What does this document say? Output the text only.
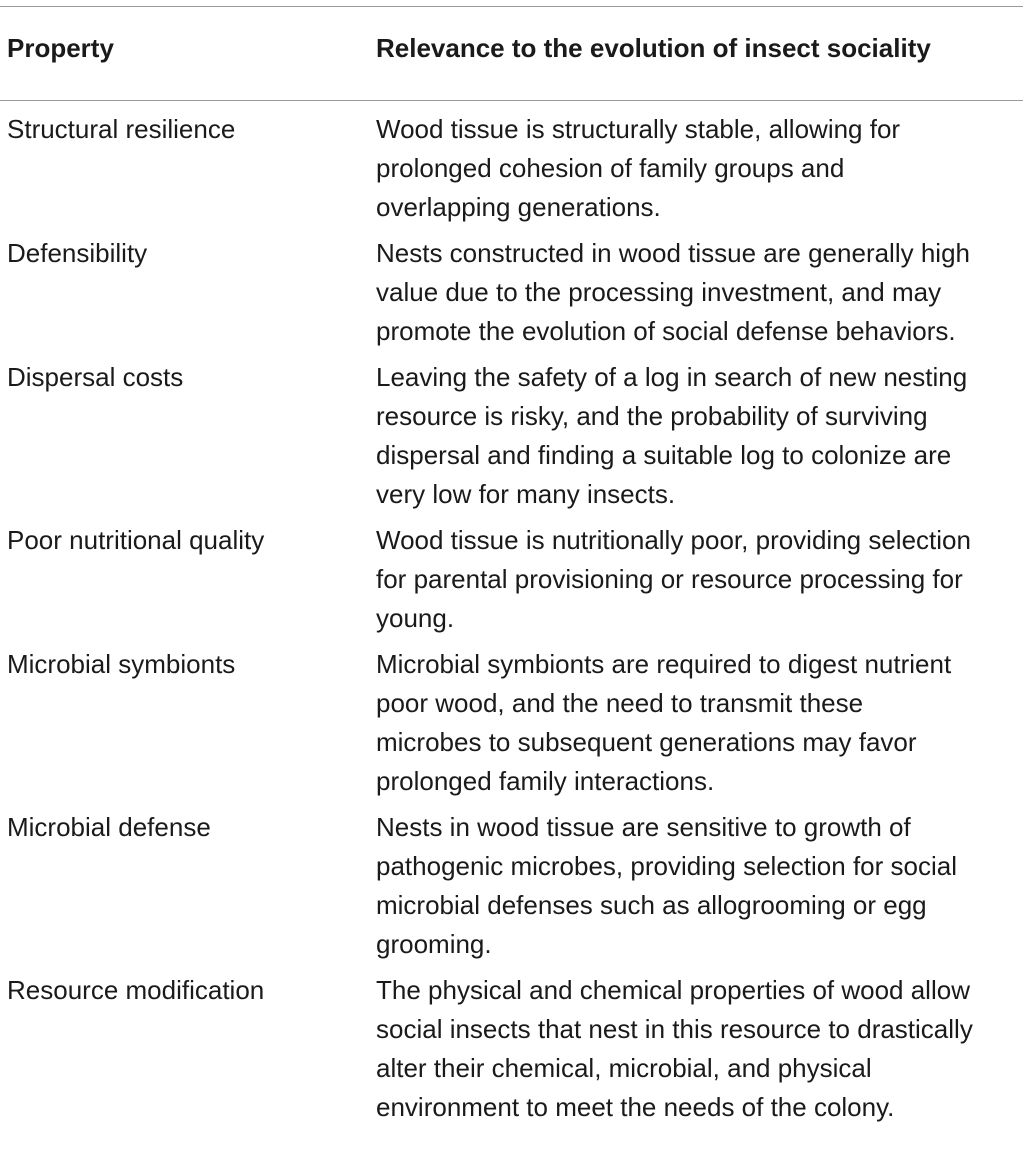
Property	Relevance to the evolution of insect sociality
Structural resilience	Wood tissue is structurally stable, allowing for
prolonged cohesion of family groups and
overlapping generations.
Defensibility	Nests constructed in wood tissue are generally high
value due to the processing investment, and may
promote the evolution of social defense behaviors.
Dispersal costs	Leaving the safety of a log in search of new nesting
resource is risky, and the probability of surviving
dispersal and finding a suitable log to colonize are
very low for many insects.
Poor nutritional quality	Wood tissue is nutritionally poor, providing selection
for parental provisioning or resource processing for
young.
Microbial symbionts	Microbial symbionts are required to digest nutrient
poor wood, and the need to transmit these
microbes to subsequent generations may favor
prolonged family interactions.
Microbial defense	Nests in wood tissue are sensitive to growth of
pathogenic microbes, providing selection for social
microbial defenses such as allogrooming or egg
grooming.
Resource modification	The physical and chemical properties of wood allow
social insects that nest in this resource to drastically
alter their chemical, microbial, and physical
environment to meet the needs of the colony.
